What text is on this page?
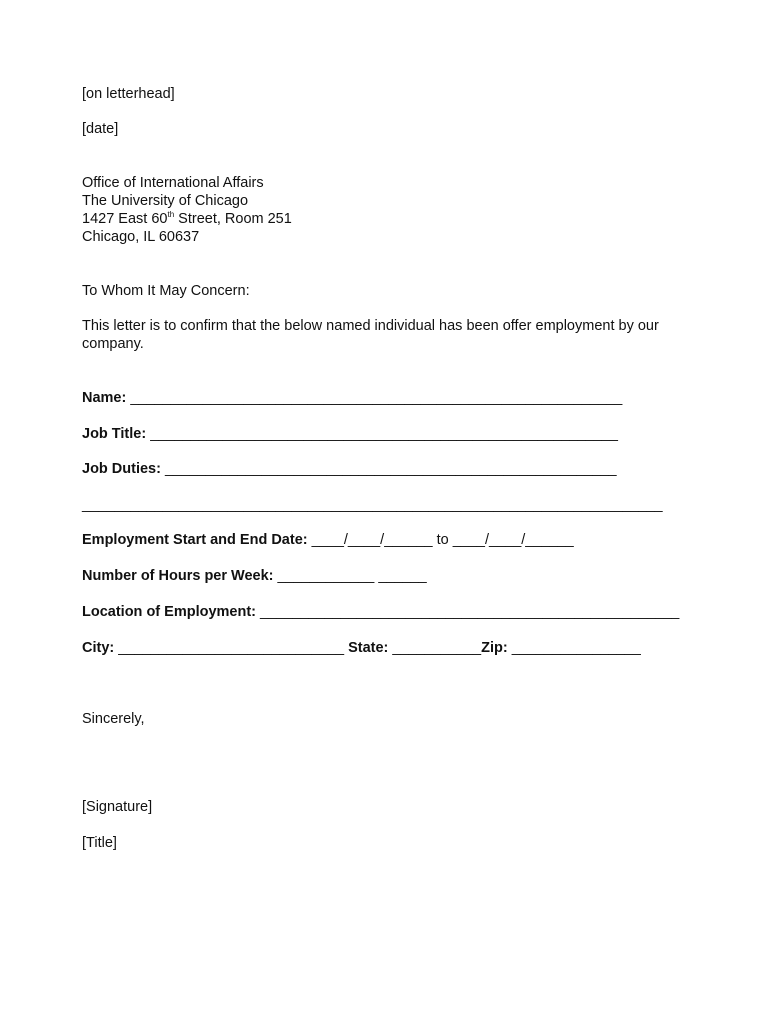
[on letterhead]
[date]
Office of International Affairs
The University of Chicago
1427 East 60th Street, Room 251
Chicago, IL 60637
To Whom It May Concern:
This letter is to confirm that the below named individual has been offer employment by our
company.
Name: _____________________________________________________________
Job Title: __________________________________________________________
Job Duties: ________________________________________________________
________________________________________________________________________
Employment Start and End Date: ____/____/______ to ____/____/______
Number of Hours per Week: ____________ ______
Location of Employment: ____________________________________________________
City: ____________________________ State: ___________Zip: ________________
Sincerely,
[Signature]
[Title]
